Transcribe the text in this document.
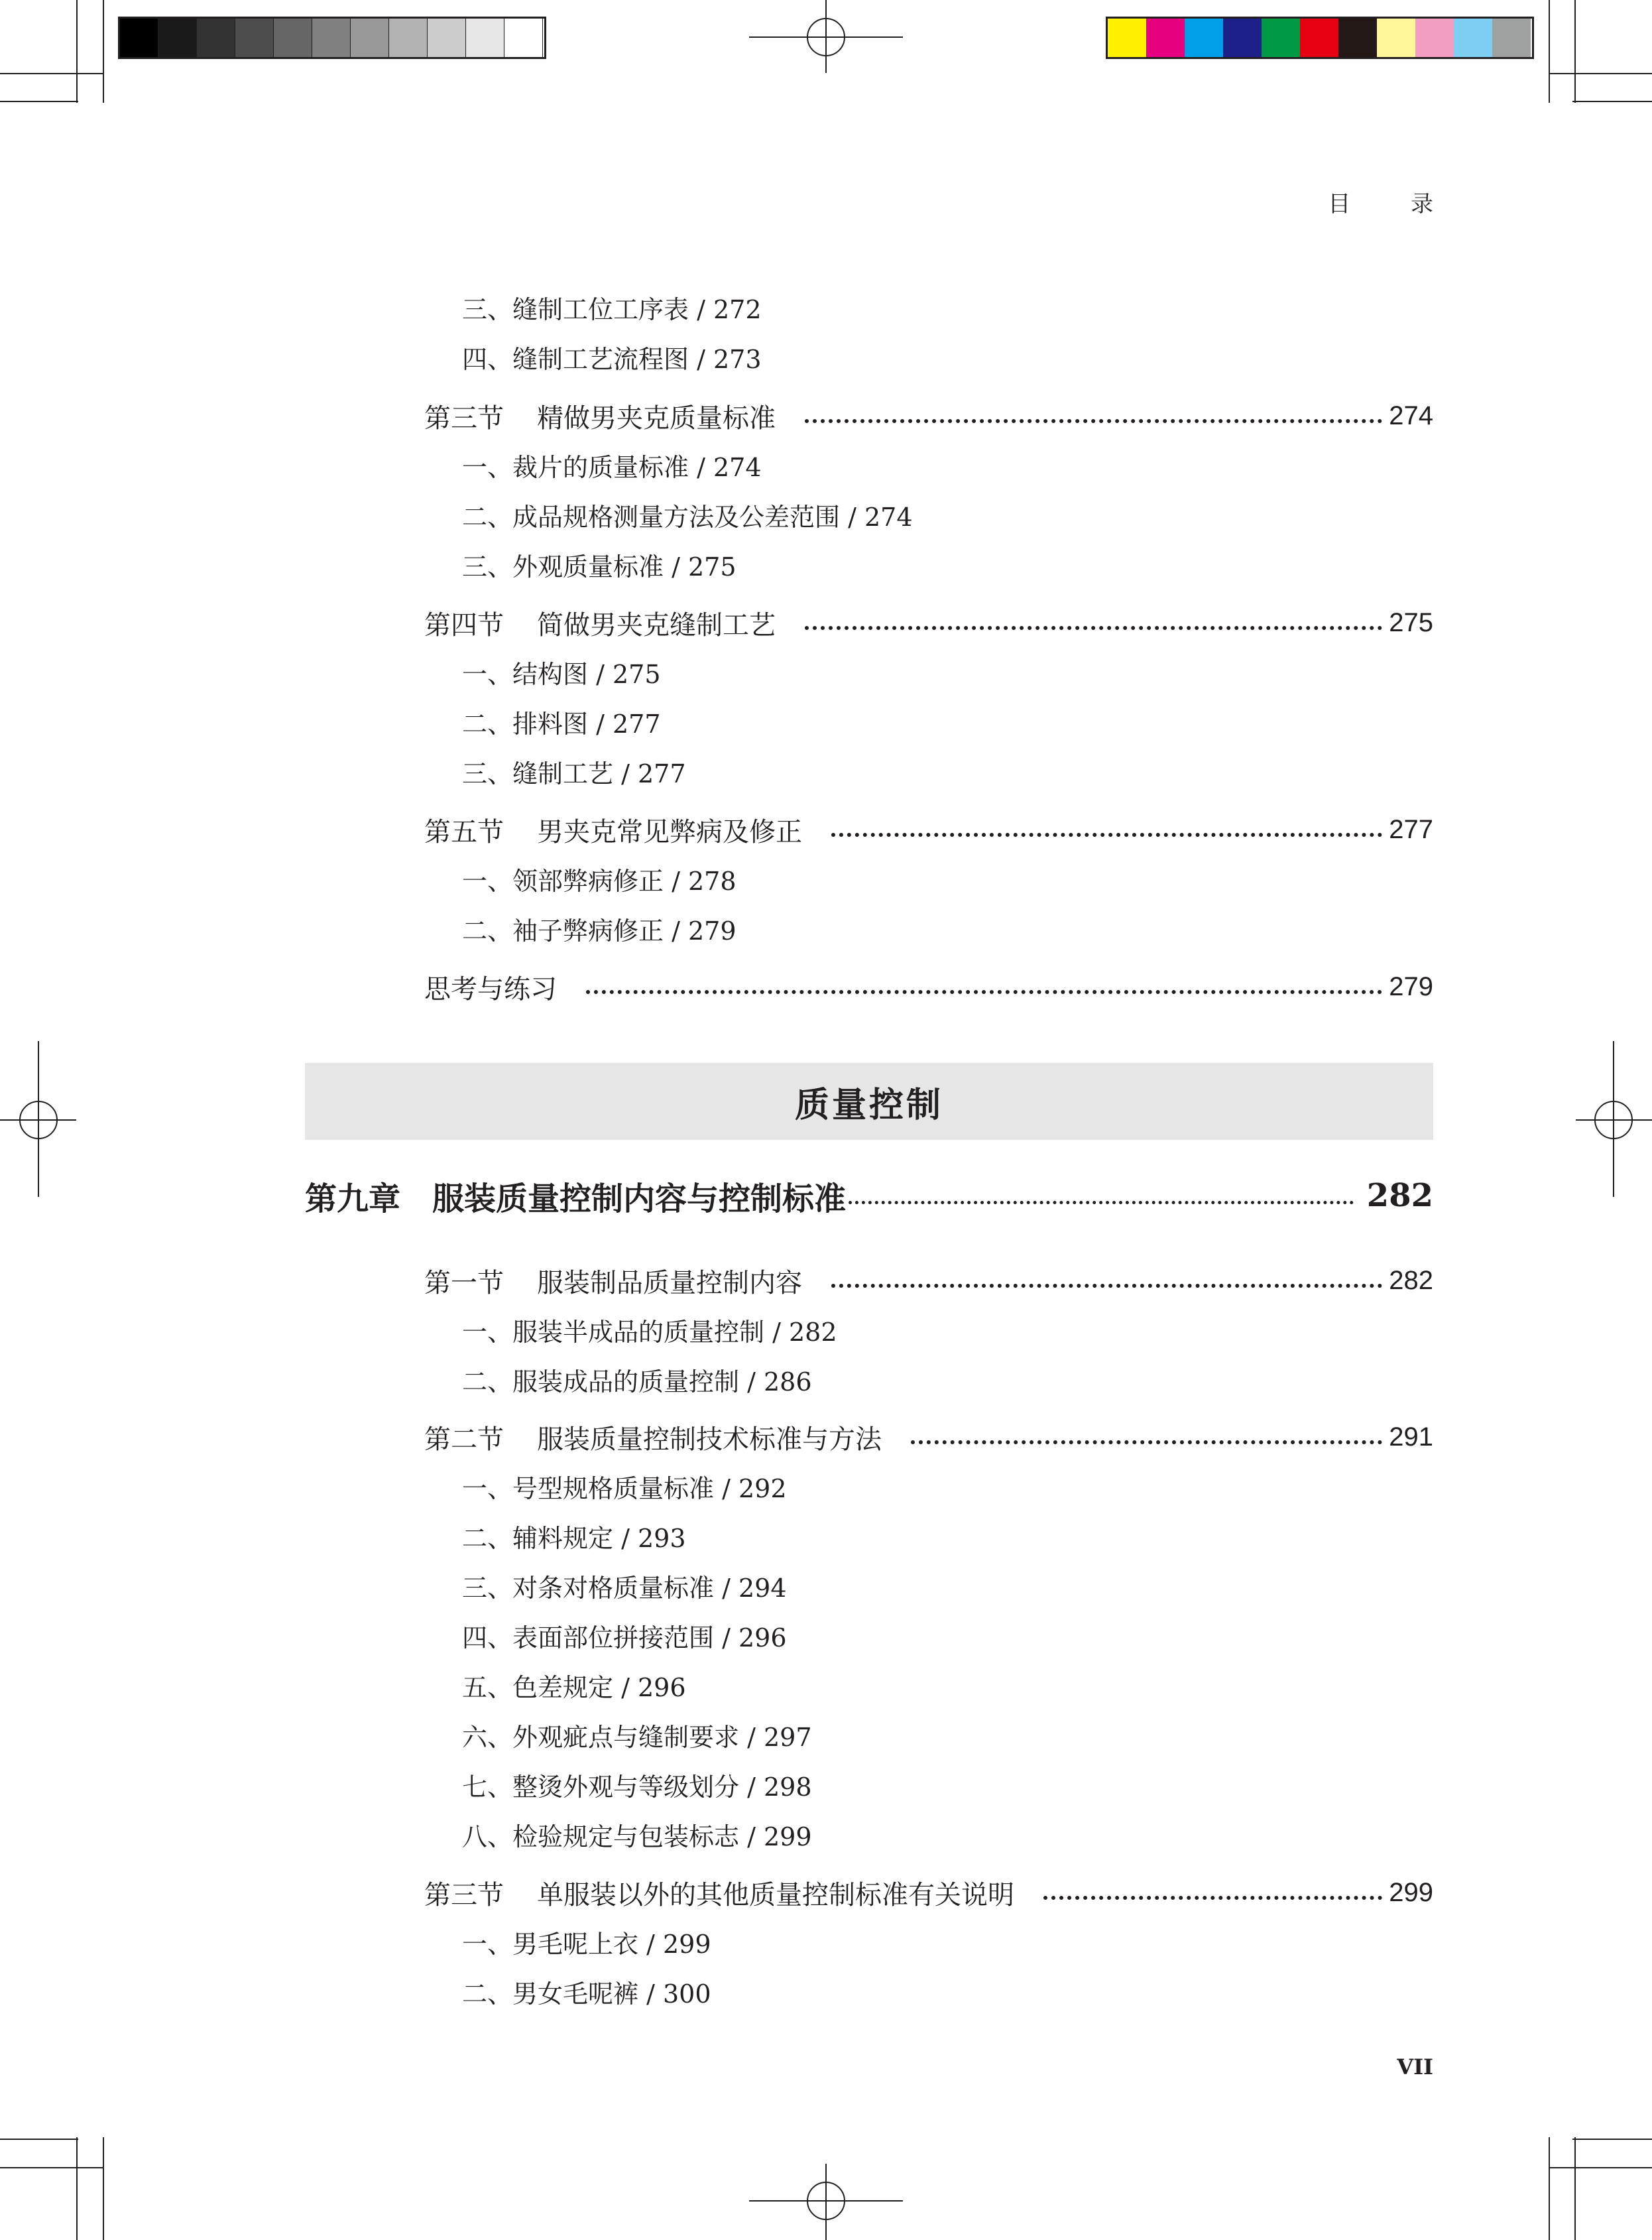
目 录
三、缝制工位工序表 / 272
四、缝制工艺流程图 / 273
第三节 精做男夹克质量标准	274
一、裁片的质量标准 / 274
二、成品规格测量方法及公差范围 / 274
三、外观质量标准 / 275
第四节 简做男夹克缝制工艺	275
一、结构图 / 275
二、排料图 / 277
三、缝制工艺 / 277
第五节 男夹克常见弊病及修正	277
一、领部弊病修正 / 278
二、袖子弊病修正 / 279
思考与练习	279
质量控制
第九章 服装质量控制内容与控制标准	282
第一节 服装制品质量控制内容	282
一、服装半成品的质量控制 / 282
二、服装成品的质量控制 / 286
第二节 服装质量控制技术标准与方法	291
一、号型规格质量标准 / 292
二、辅料规定 / 293
三、对条对格质量标准 / 294
四、表面部位拼接范围 / 296
五、色差规定 / 296
六、外观疵点与缝制要求 / 297
七、整烫外观与等级划分 / 298
八、检验规定与包装标志 / 299
第三节 单服装以外的其他质量控制标准有关说明	299
一、男毛呢上衣 / 299
二、男女毛呢裤 / 300
VII
